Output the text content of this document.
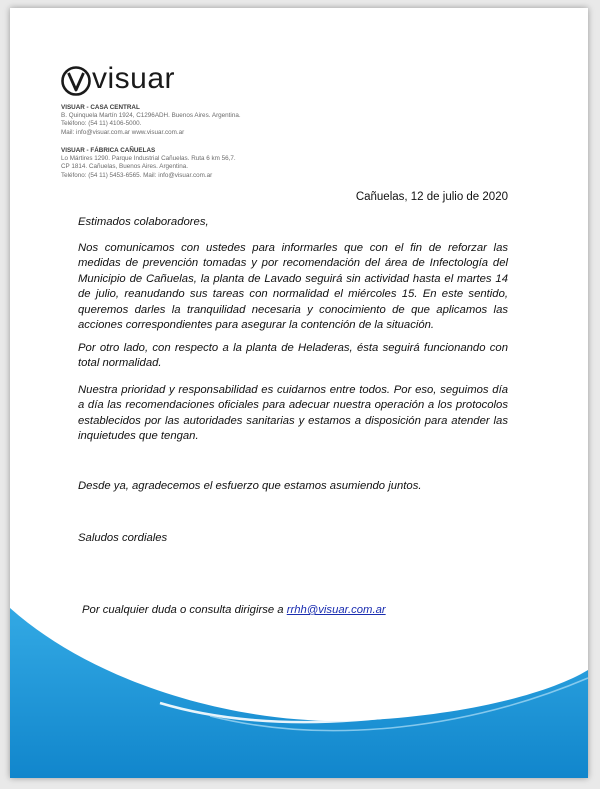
visuar
VISUAR - CASA CENTRAL
B. Quinquela Martín 1924, C1296ADH. Buenos Aires. Argentina.
Teléfono: (54 11) 4106-5000.
Mail: info@visuar.com.ar www.visuar.com.ar
VISUAR - FÁBRICA CAÑUELAS
Lo Mártires 1290. Parque Industrial Cañuelas. Ruta 6 km 56,7.
CP 1814. Cañuelas, Buenos Aires. Argentina.
Teléfono: (54 11) 5453-6565. Mail: info@visuar.com.ar
Cañuelas, 12 de julio de 2020
Estimados colaboradores,
Nos comunicamos con ustedes para informarles que con el fin de reforzar las medidas de prevención tomadas y por recomendación del área de Infectología del Municipio de Cañuelas, la planta de Lavado seguirá sin actividad hasta el martes 14 de julio, reanudando sus tareas con normalidad el miércoles 15. En este sentido, queremos darles la tranquilidad necesaria y conocimiento de que aplicamos las acciones correspondientes para asegurar la contención de la situación.
Por otro lado, con respecto a la planta de Heladeras, ésta seguirá funcionando con total normalidad.
Nuestra prioridad y responsabilidad es cuidarnos entre todos. Por eso, seguimos día a día las recomendaciones oficiales para adecuar nuestra operación a los protocolos establecidos por las autoridades sanitarias y estamos a disposición para atender las inquietudes que tengan.
Desde ya, agradecemos el esfuerzo que estamos asumiendo juntos.
Saludos cordiales
Por cualquier duda o consulta dirigirse a rrhh@visuar.com.ar
